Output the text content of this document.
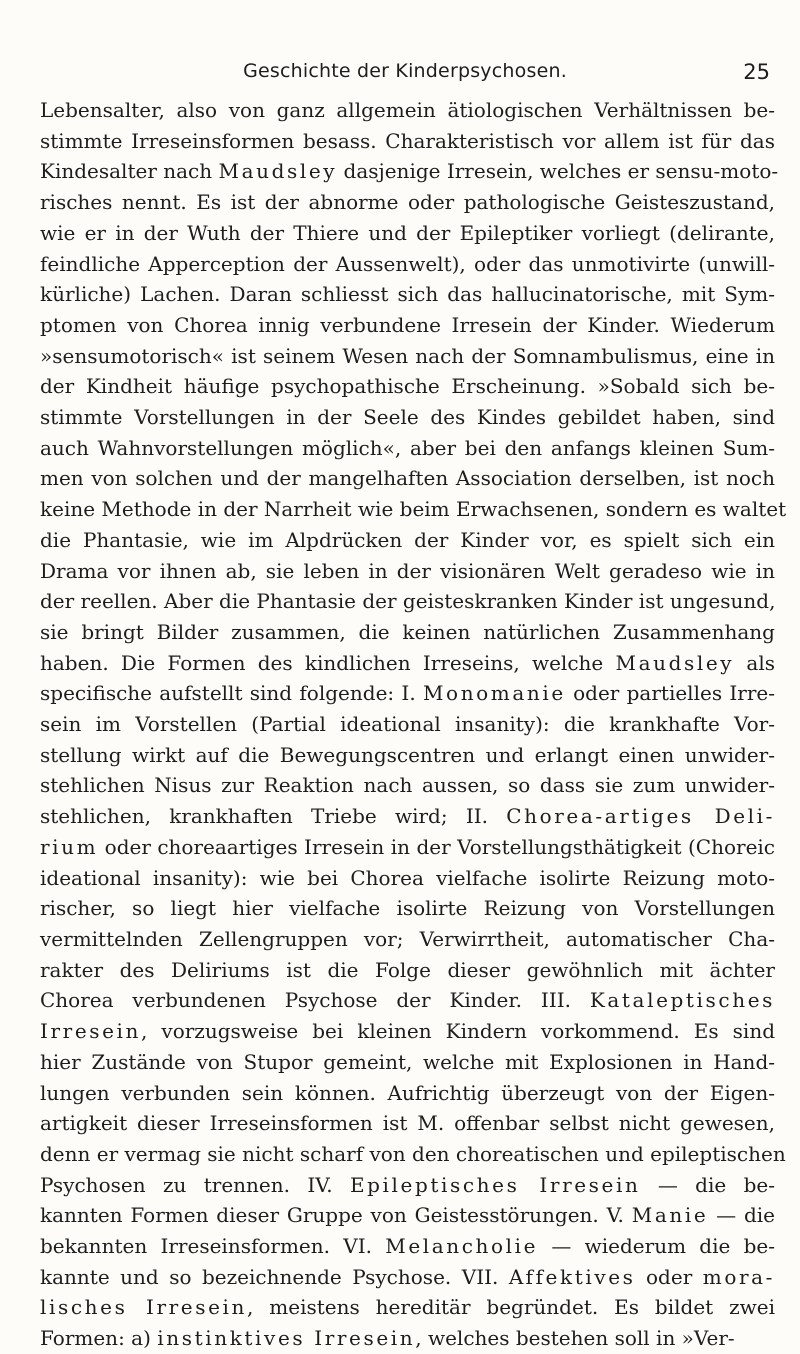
Geschichte der Kinderpsychosen.	25
Lebensalter, also von ganz allgemein ätiologischen Verhältnissen be-
stimmte Irreseinsformen besass. Charakteristisch vor allem ist für das
Kindesalter nach Maudsley dasjenige Irresein, welches er sensu-moto-
risches nennt. Es ist der abnorme oder pathologische Geisteszustand,
wie er in der Wuth der Thiere und der Epileptiker vorliegt (delirante,
feindliche Apperception der Aussenwelt), oder das unmotivirte (unwill-
kürliche) Lachen. Daran schliesst sich das hallucinatorische, mit Sym-
ptomen von Chorea innig verbundene Irresein der Kinder. Wiederum
»sensumotorisch« ist seinem Wesen nach der Somnambulismus, eine in
der Kindheit häufige psychopathische Erscheinung. »Sobald sich be-
stimmte Vorstellungen in der Seele des Kindes gebildet haben, sind
auch Wahnvorstellungen möglich«, aber bei den anfangs kleinen Sum-
men von solchen und der mangelhaften Association derselben, ist noch
keine Methode in der Narrheit wie beim Erwachsenen, sondern es waltet
die Phantasie, wie im Alpdrücken der Kinder vor, es spielt sich ein
Drama vor ihnen ab, sie leben in der visionären Welt geradeso wie in
der reellen. Aber die Phantasie der geisteskranken Kinder ist ungesund,
sie bringt Bilder zusammen, die keinen natürlichen Zusammenhang
haben. Die Formen des kindlichen Irreseins, welche Maudsley als
specifische aufstellt sind folgende: I. Monomanie oder partielles Irre-
sein im Vorstellen (Partial ideational insanity): die krankhafte Vor-
stellung wirkt auf die Bewegungscentren und erlangt einen unwider-
stehlichen Nisus zur Reaktion nach aussen, so dass sie zum unwider-
stehlichen, krankhaften Triebe wird; II. Chorea-artiges Deli-
rium oder choreaartiges Irresein in der Vorstellungsthätigkeit (Choreic
ideational insanity): wie bei Chorea vielfache isolirte Reizung moto-
rischer, so liegt hier vielfache isolirte Reizung von Vorstellungen
vermittelnden Zellengruppen vor; Verwirrtheit, automatischer Cha-
rakter des Deliriums ist die Folge dieser gewöhnlich mit ächter
Chorea verbundenen Psychose der Kinder. III. Kataleptisches
Irresein, vorzugsweise bei kleinen Kindern vorkommend. Es sind
hier Zustände von Stupor gemeint, welche mit Explosionen in Hand-
lungen verbunden sein können. Aufrichtig überzeugt von der Eigen-
artigkeit dieser Irreseinsformen ist M. offenbar selbst nicht gewesen,
denn er vermag sie nicht scharf von den choreatischen und epileptischen
Psychosen zu trennen. IV. Epileptisches Irresein — die be-
kannten Formen dieser Gruppe von Geistesstörungen. V. Manie — die
bekannten Irreseinsformen. VI. Melancholie — wiederum die be-
kannte und so bezeichnende Psychose. VII. Affektives oder mora-
lisches Irresein, meistens hereditär begründet. Es bildet zwei
Formen: a) instinktives Irresein, welches bestehen soll in »Ver-
